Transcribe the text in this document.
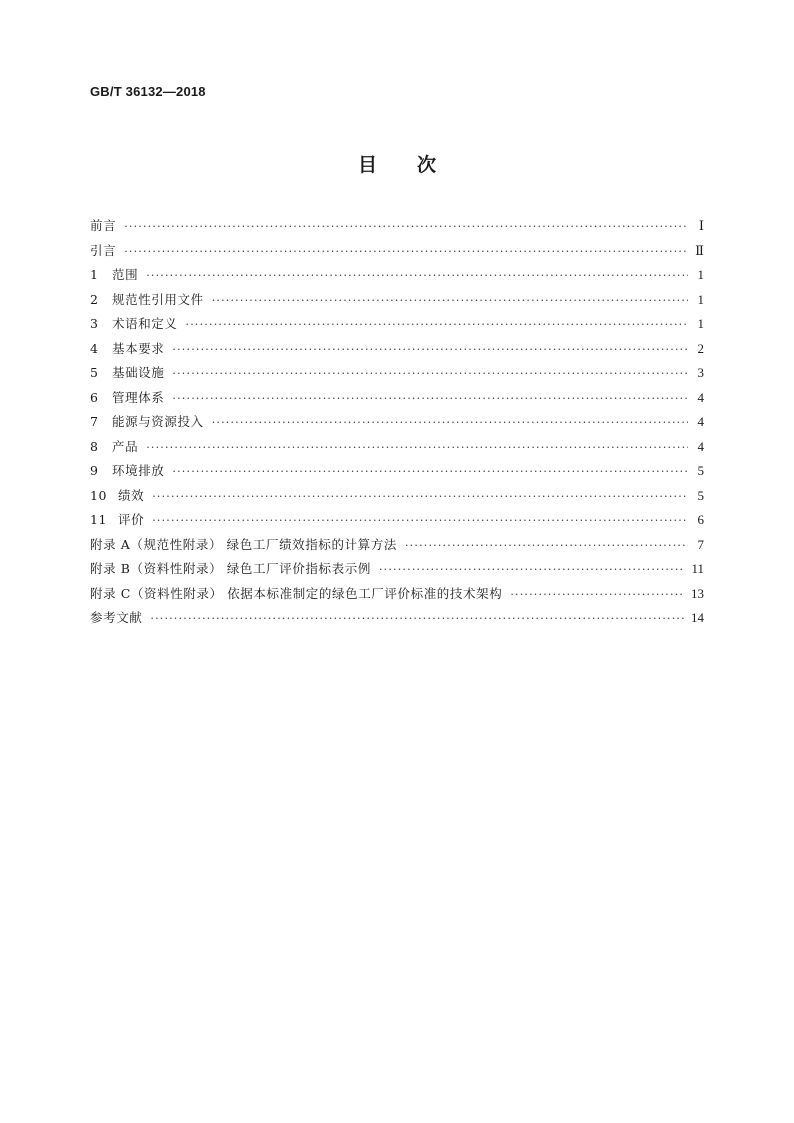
GB/T 36132—2018
目 次
前言 ·····	Ⅰ
引言 ·····	Ⅱ
1 范围 ·····	1
2 规范性引用文件 ·····	1
3 术语和定义 ·····	1
4 基本要求 ·····	2
5 基础设施 ·····	3
6 管理体系 ·····	4
7 能源与资源投入 ·····	4
8 产品 ·····	4
9 环境排放 ·····	5
10 绩效 ·····	5
11 评价 ·····	6
附录 A（规范性附录） 绿色工厂绩效指标的计算方法 ·····	7
附录 B（资料性附录） 绿色工厂评价指标表示例 ·····	11
附录 C（资料性附录） 依据本标准制定的绿色工厂评价标准的技术架构 ·····	13
参考文献 ·····	14
